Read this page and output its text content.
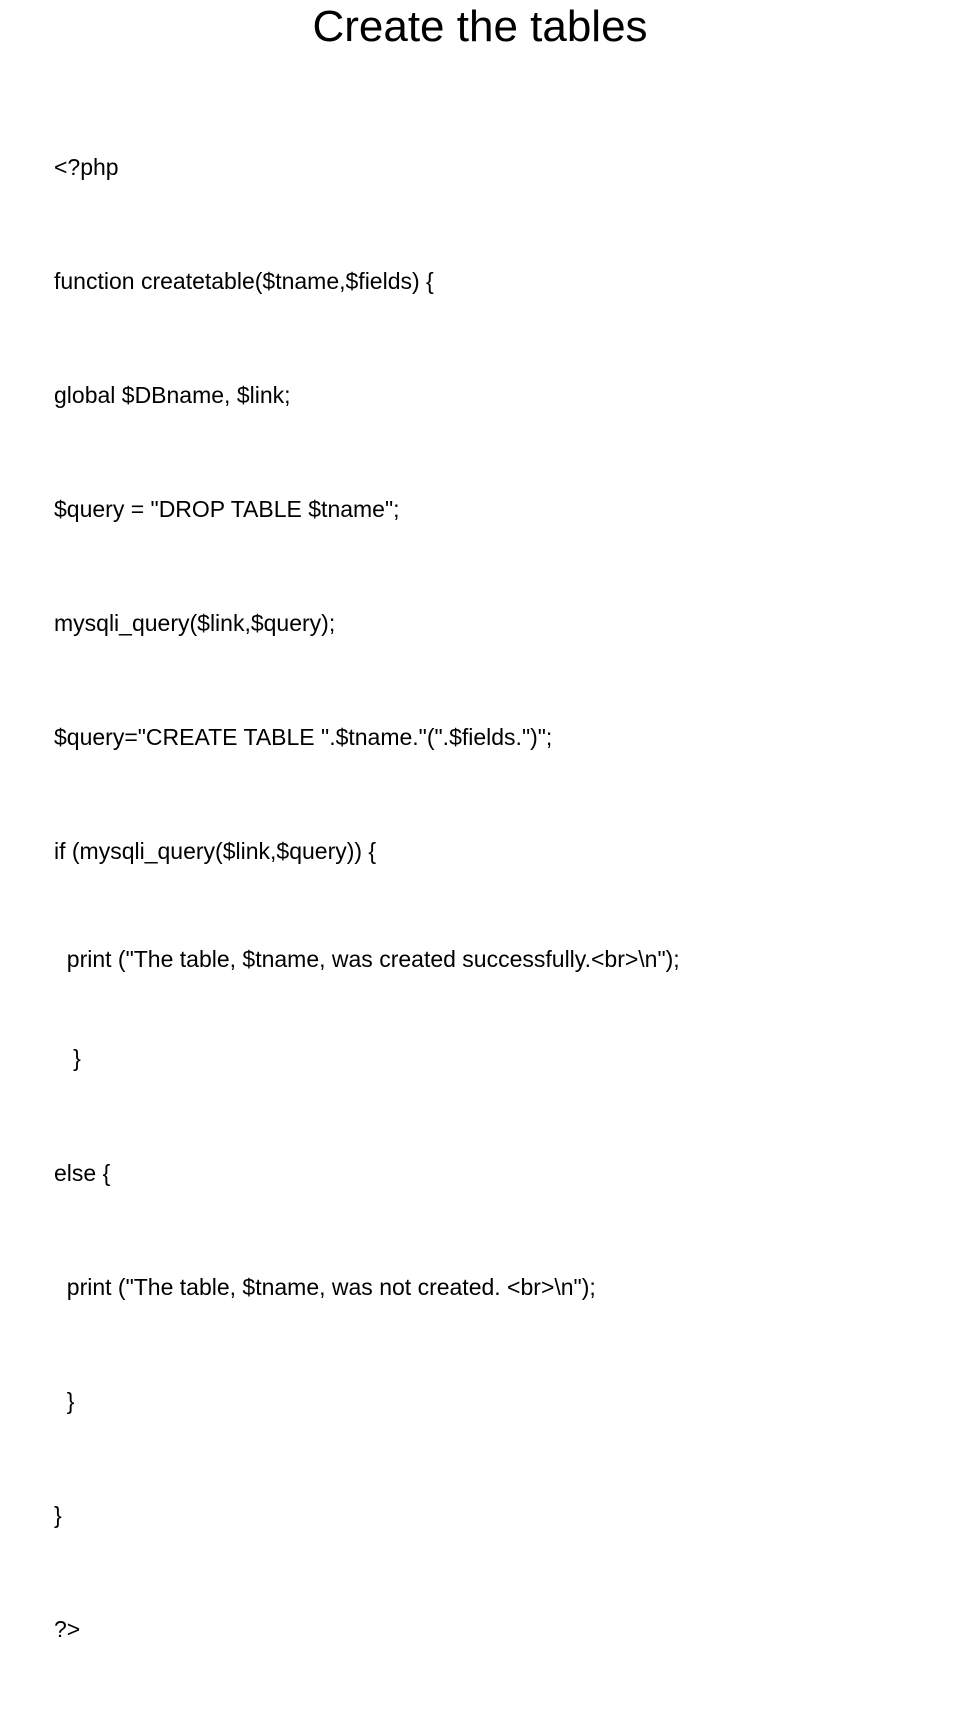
Create the tables

<?php

function createtable($tname,$fields) {

global $DBname, $link;

$query = "DROP TABLE $tname";

mysqli_query($link,$query);

$query="CREATE TABLE ".$tname."(".$fields.")";

if (mysqli_query($link,$query)) {

print ("The table, $tname, was created successfully.<br>\n");

}

else {

print ("The table, $tname, was not created. <br>\n");

}

}

?>
